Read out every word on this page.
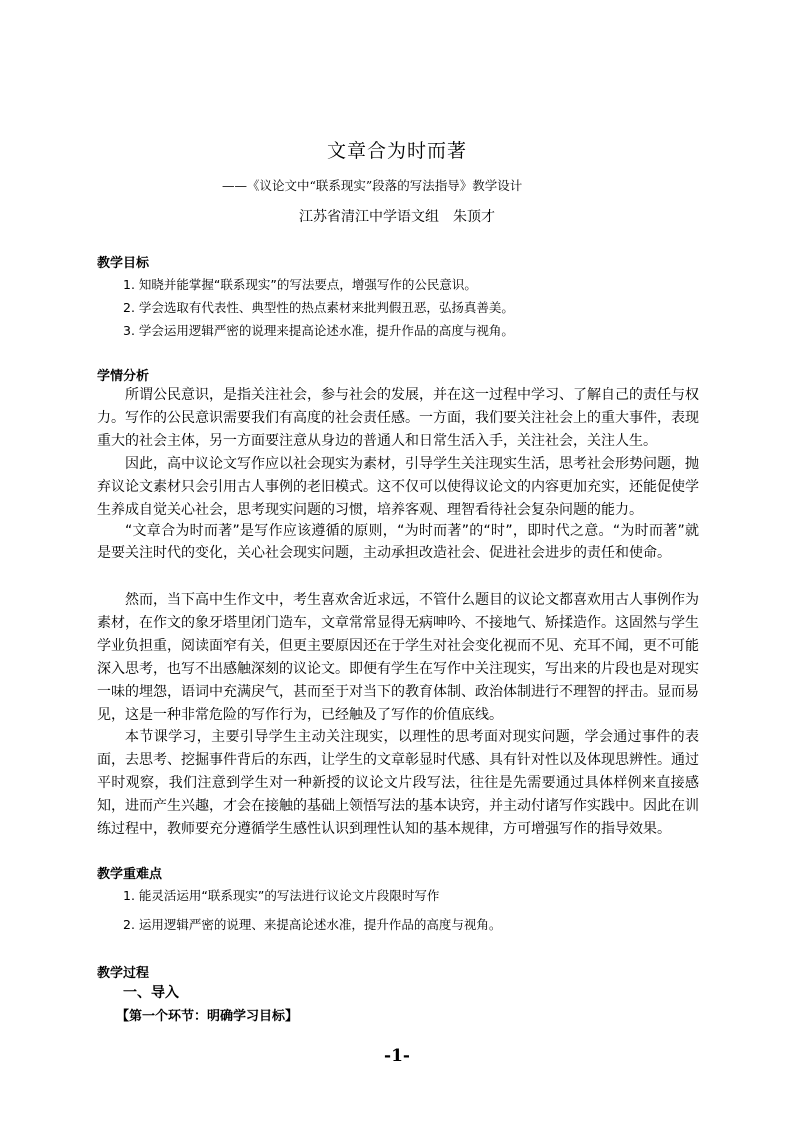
文章合为时而著
——《议论文中“联系现实”段落的写法指导》教学设计
江苏省清江中学语文组 朱顶才
教学目标
1. 知晓并能掌握“联系现实”的写法要点，增强写作的公民意识。
2. 学会选取有代表性、典型性的热点素材来批判假丑恶，弘扬真善美。
3. 学会运用逻辑严密的说理来提高论述水准，提升作品的高度与视角。
学情分析

所谓公民意识，是指关注社会，参与社会的发展，并在这一过程中学习、了解自己的责任与权力。写作的公民意识需要我们有高度的社会责任感。一方面，我们要关注社会上的重大事件，表现重大的社会主体，另一方面要注意从身边的普通人和日常生活入手，关注社会，关注人生。

因此，高中议论文写作应以社会现实为素材，引导学生关注现实生活，思考社会形势问题，抛弃议论文素材只会引用古人事例的老旧模式。这不仅可以使得议论文的内容更加充实，还能促使学生养成自觉关心社会，思考现实问题的习惯，培养客观、理智看待社会复杂问题的能力。

“文章合为时而著”是写作应该遵循的原则，“为时而著”的“时”，即时代之意。“为时而著”就是要关注时代的变化，关心社会现实问题，主动承担改造社会、促进社会进步的责任和使命。

然而，当下高中生作文中，考生喜欢舍近求远，不管什么题目的议论文都喜欢用古人事例作为素材，在作文的象牙塔里闭门造车，文章常常显得无病呻吟、不接地气、矫揉造作。这固然与学生学业负担重，阅读面窄有关，但更主要原因还在于学生对社会变化视而不见、充耳不闻，更不可能深入思考，也写不出感触深刻的议论文。即便有学生在写作中关注现实，写出来的片段也是对现实一味的埋怨，语词中充满戾气，甚而至于对当下的教育体制、政治体制进行不理智的抨击。显而易见，这是一种非常危险的写作行为，已经触及了写作的价值底线。

本节课学习，主要引导学生主动关注现实，以理性的思考面对现实问题，学会通过事件的表面，去思考、挖掘事件背后的东西，让学生的文章彰显时代感、具有针对性以及体现思辨性。通过平时观察，我们注意到学生对一种新授的议论文片段写法，往往是先需要通过具体样例来直接感知，进而产生兴趣，才会在接触的基础上领悟写法的基本诀窍，并主动付诸写作实践中。因此在训练过程中，教师要充分遵循学生感性认识到理性认知的基本规律，方可增强写作的指导效果。

教学重难点
1. 能灵活运用“联系现实”的写法进行议论文片段限时写作
2. 运用逻辑严密的说理、来提高论述水准，提升作品的高度与视角。
教学过程
一、导入
【第一个环节：明确学习目标】
-1-
